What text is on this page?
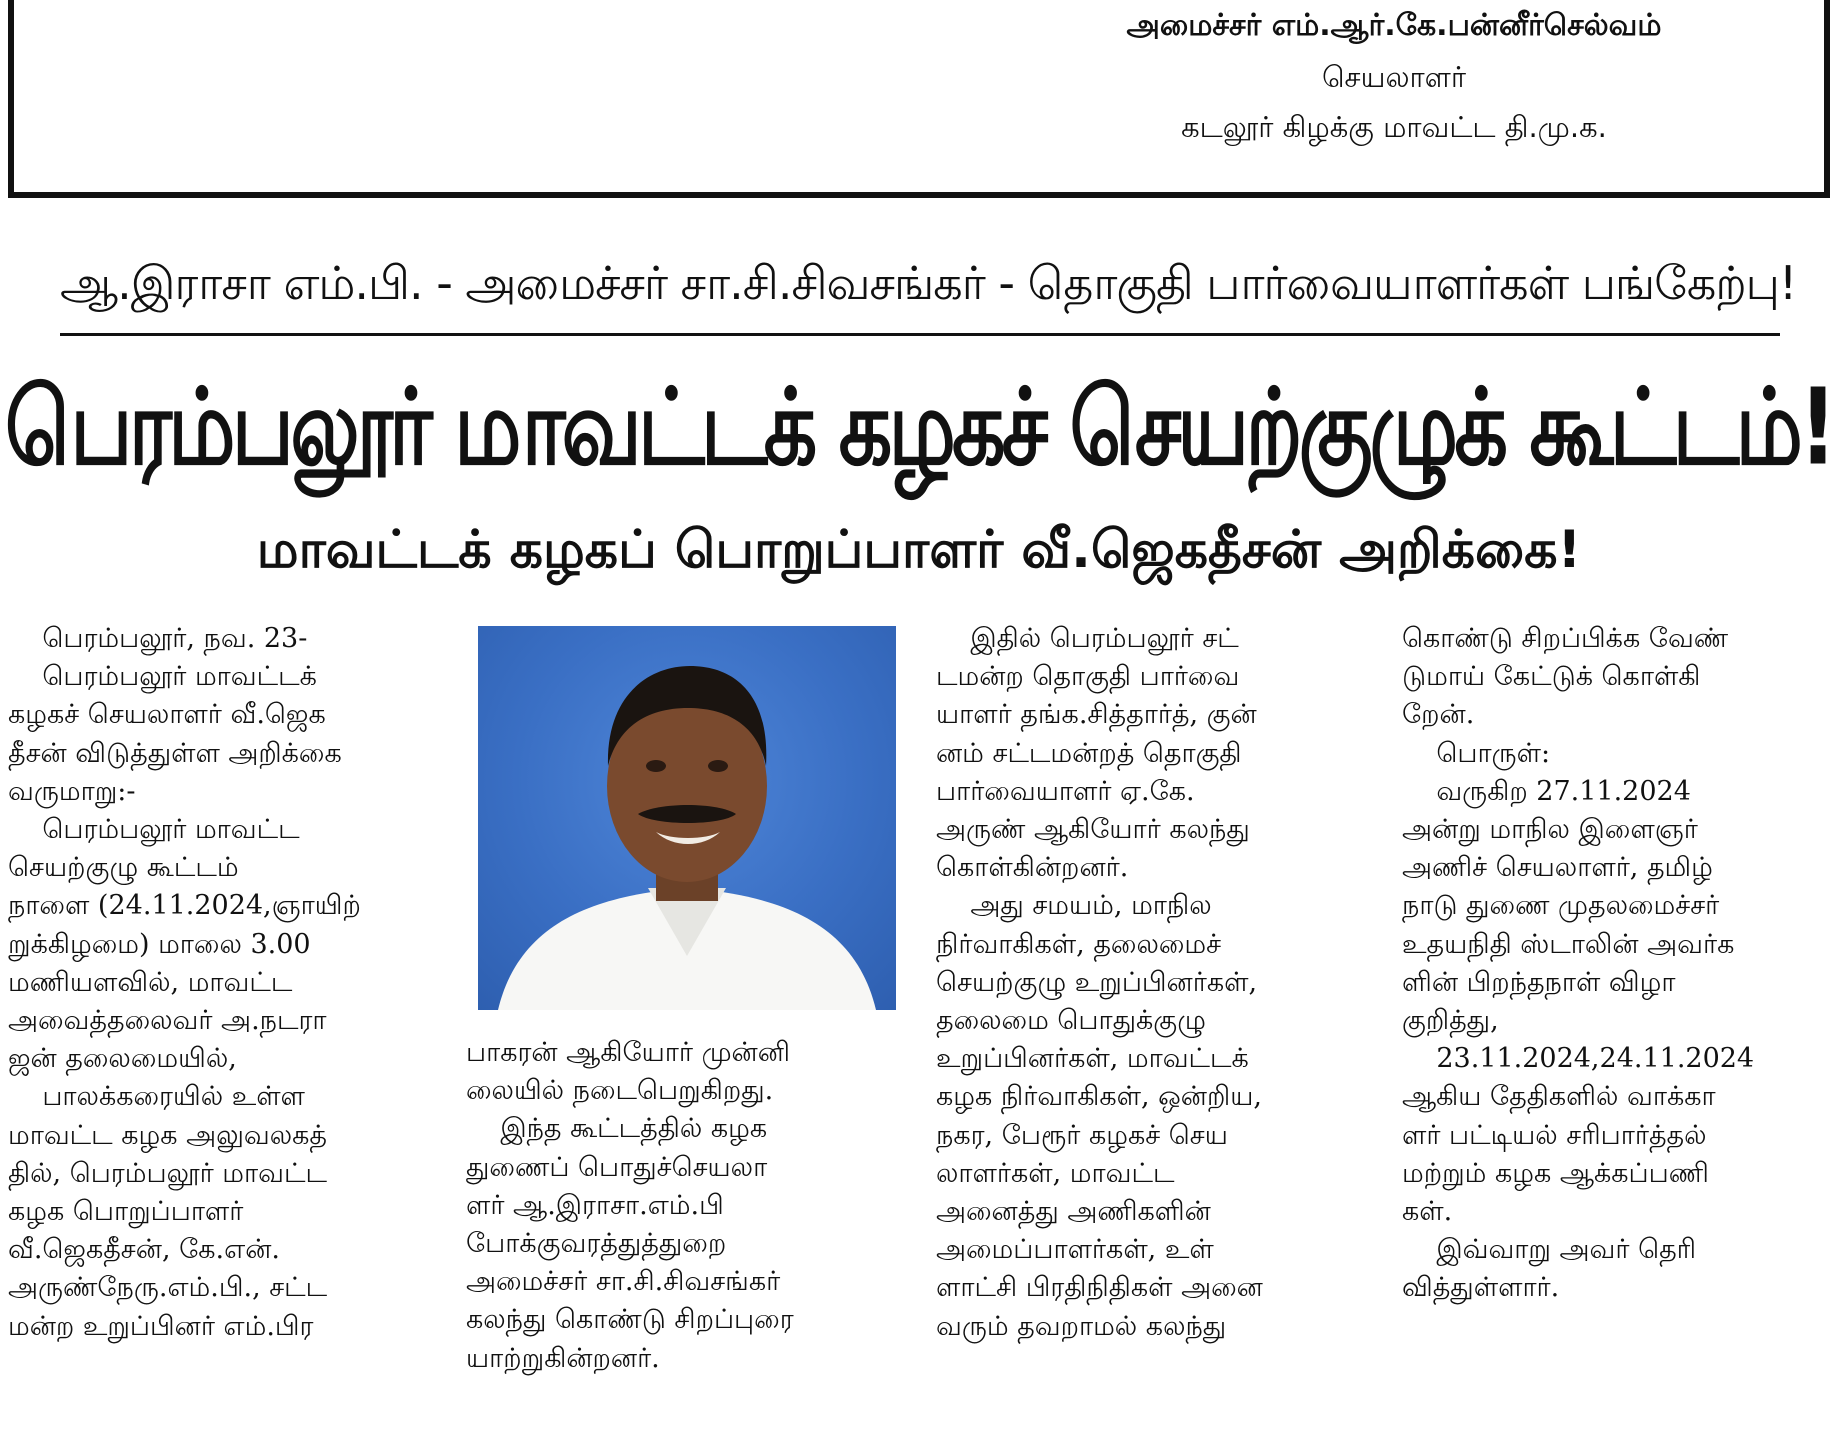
அமைச்சர் எம்.ஆர்.கே.பன்னீர்செல்வம்
செயலாளர்
கடலூர் கிழக்கு மாவட்ட தி.மு.க.
ஆ.இராசா எம்.பி. - அமைச்சர் சா.சி.சிவசங்கர் - தொகுதி பார்வையாளர்கள் பங்கேற்பு!
பெரம்பலூர் மாவட்டக் கழகச் செயற்குழுக் கூட்டம்!
மாவட்டக் கழகப் பொறுப்பாளர் வீ.ஜெகதீசன் அறிக்கை!

பெரம்பலூர், நவ. 23-

பெரம்பலூர் மாவட்டக்

கழகச் செயலாளர் வீ.ஜெக

தீசன் விடுத்துள்ள அறிக்கை

வருமாறு:-

பெரம்பலூர் மாவட்ட

செயற்குழு கூட்டம்

நாளை (24.11.2024,ஞாயிற்

றுக்கிழமை) மாலை 3.00

மணியளவில், மாவட்ட

அவைத்தலைவர் அ.நடரா

ஜன் தலைமையில்,

பாலக்கரையில் உள்ள

மாவட்ட கழக அலுவலகத்

தில், பெரம்பலூர் மாவட்ட

கழக பொறுப்பாளர்

வீ.ஜெகதீசன், கே.என்.

அருண்நேரு.எம்.பி., சட்ட

மன்ற உறுப்பினர் எம்.பிர

பாகரன் ஆகியோர் முன்னி

லையில் நடைபெறுகிறது.

இந்த கூட்டத்தில் கழக

துணைப் பொதுச்செயலா

ளர் ஆ.இராசா.எம்.பி

போக்குவரத்துத்துறை

அமைச்சர் சா.சி.சிவசங்கர்

கலந்து கொண்டு சிறப்புரை

யாற்றுகின்றனர்.

இதில் பெரம்பலூர் சட்

டமன்ற தொகுதி பார்வை

யாளர் தங்க.சித்தார்த், குன்

னம் சட்டமன்றத் தொகுதி

பார்வையாளர் ஏ.கே.

அருண் ஆகியோர் கலந்து

கொள்கின்றனர்.

அது சமயம், மாநில

நிர்வாகிகள், தலைமைச்

செயற்குழு உறுப்பினர்கள்,

தலைமை பொதுக்குழு

உறுப்பினர்கள், மாவட்டக்

கழக நிர்வாகிகள், ஒன்றிய,

நகர, பேரூர் கழகச் செய

லாளர்கள், மாவட்ட

அனைத்து அணிகளின்

அமைப்பாளர்கள், உள்

ளாட்சி பிரதிநிதிகள் அனை

வரும் தவறாமல் கலந்து

கொண்டு சிறப்பிக்க வேண்

டுமாய் கேட்டுக் கொள்கி

றேன்.

பொருள்:

வருகிற 27.11.2024

அன்று மாநில இளைஞர்

அணிச் செயலாளர், தமிழ்

நாடு துணை முதலமைச்சர்

உதயநிதி ஸ்டாலின் அவர்க

ளின் பிறந்தநாள் விழா

குறித்து,

23.11.2024,24.11.2024

ஆகிய தேதிகளில் வாக்கா

ளர் பட்டியல் சரிபார்த்தல்

மற்றும் கழக ஆக்கப்பணி

கள்.

இவ்வாறு அவர் தெரி

வித்துள்ளார்.
